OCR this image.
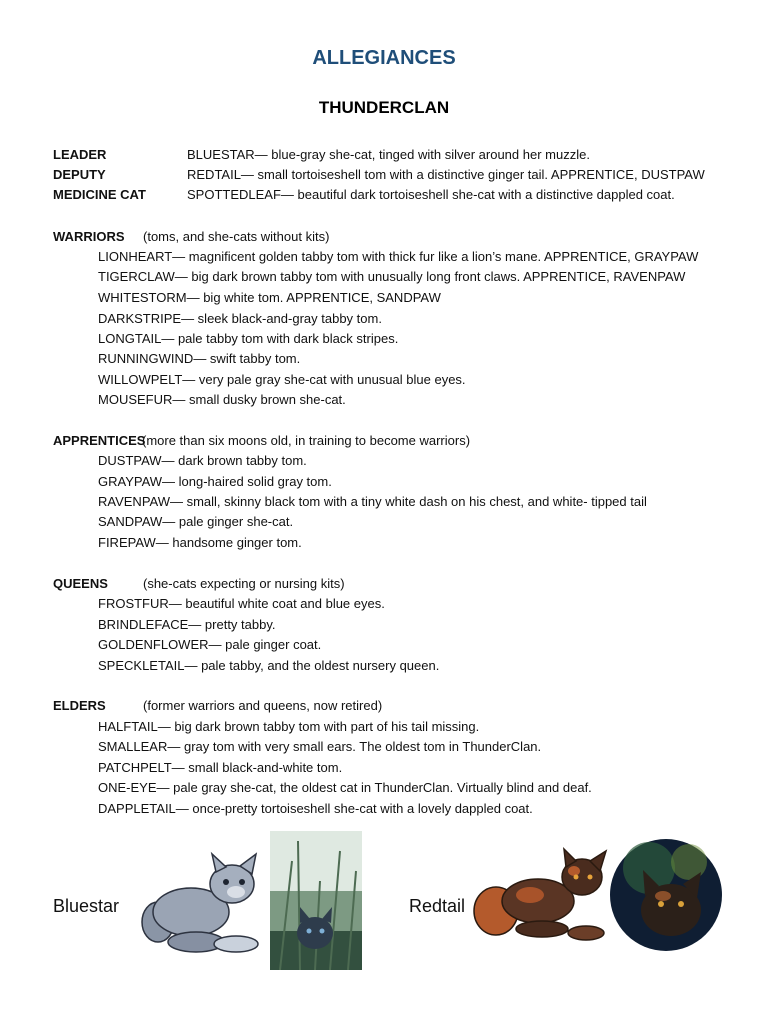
ALLEGIANCES
THUNDERCLAN
LEADER	BLUESTAR— blue-gray she-cat, tinged with silver around her muzzle.
DEPUTY	REDTAIL— small tortoiseshell tom with a distinctive ginger tail. APPRENTICE, DUSTPAW
MEDICINE CAT	SPOTTEDLEAF— beautiful dark tortoiseshell she-cat with a distinctive dappled coat.
WARRIORS (toms, and she-cats without kits)
LIONHEART— magnificent golden tabby tom with thick fur like a lion’s mane. APPRENTICE, GRAYPAW
TIGERCLAW— big dark brown tabby tom with unusually long front claws. APPRENTICE, RAVENPAW
WHITESTORM— big white tom. APPRENTICE, SANDPAW
DARKSTRIPE— sleek black-and-gray tabby tom.
LONGTAIL— pale tabby tom with dark black stripes.
RUNNINGWIND— swift tabby tom.
WILLOWPELT— very pale gray she-cat with unusual blue eyes.
MOUSEFUR— small dusky brown she-cat.
APPRENTICES
(more than six moons old, in training to become warriors)
DUSTPAW— dark brown tabby tom.
GRAYPAW— long-haired solid gray tom.
RAVENPAW— small, skinny black tom with a tiny white dash on his chest, and white- tipped tail
SANDPAW— pale ginger she-cat.
FIREPAW— handsome ginger tom.
QUEENS	(she-cats expecting or nursing kits)
FROSTFUR— beautiful white coat and blue eyes.
BRINDLEFACE— pretty tabby.
GOLDENFLOWER— pale ginger coat.
SPECKLETAIL— pale tabby, and the oldest nursery queen.
ELDERS	(former warriors and queens, now retired)
HALFTAIL— big dark brown tabby tom with part of his tail missing.
SMALLEAR— gray tom with very small ears. The oldest tom in ThunderClan.
PATCHPELT— small black-and-white tom.
ONE-EYE— pale gray she-cat, the oldest cat in ThunderClan. Virtually blind and deaf.
DAPPLETAIL— once-pretty tortoiseshell she-cat with a lovely dappled coat.
Bluestar	Redtail
